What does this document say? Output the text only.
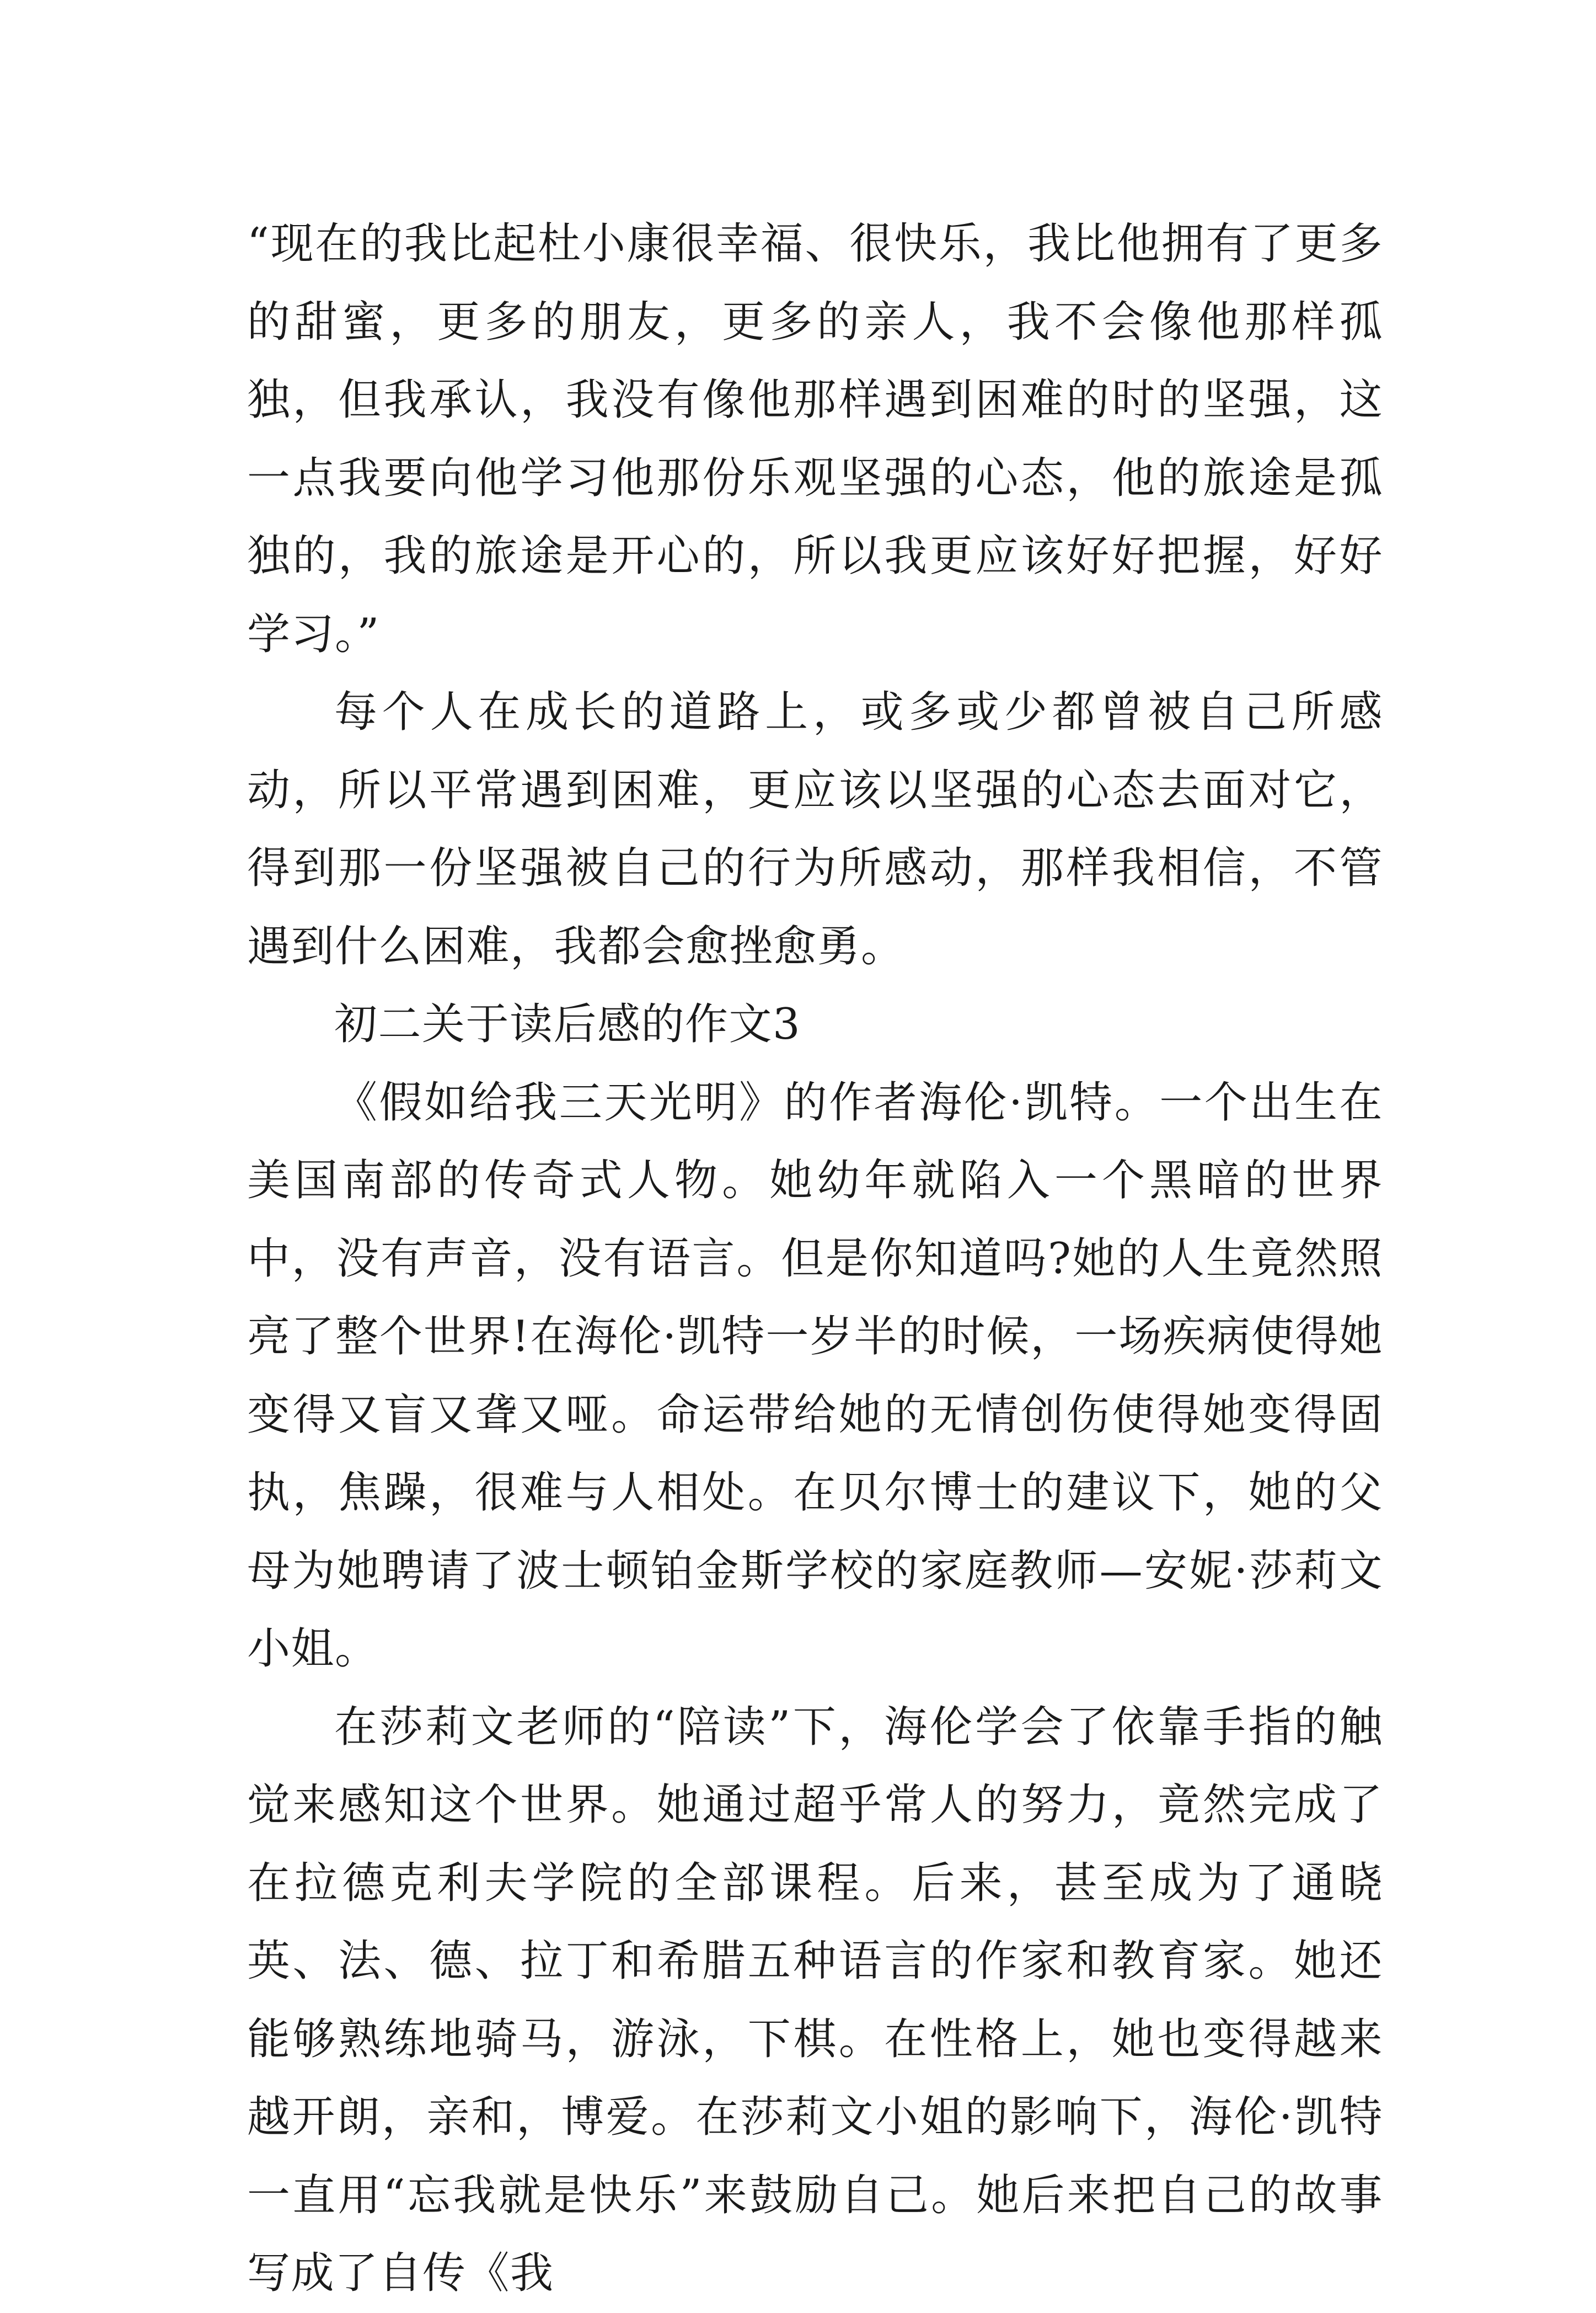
“现在的我比起杜小康很幸福、很快乐，我比他拥有了更多的甜蜜，更多的朋友，更多的亲人，我不会像他那样孤独，但我承认，我没有像他那样遇到困难的时的坚强，这一点我要向他学习他那份乐观坚强的心态，他的旅途是孤独的，我的旅途是开心的，所以我更应该好好把握，好好学习。”

每个人在成长的道路上，或多或少都曾被自己所感动，所以平常遇到困难，更应该以坚强的心态去面对它，得到那一份坚强被自己的行为所感动，那样我相信，不管遇到什么困难，我都会愈挫愈勇。

初二关于读后感的作文3

《假如给我三天光明》的作者海伦·凯特。一个出生在美国南部的传奇式人物。她幼年就陷入一个黑暗的世界中，没有声音，没有语言。但是你知道吗?她的人生竟然照亮了整个世界!在海伦·凯特一岁半的时候，一场疾病使得她变得又盲又聋又哑。命运带给她的无情创伤使得她变得固执，焦躁，很难与人相处。在贝尔博士的建议下，她的父母为她聘请了波士顿铂金斯学校的家庭教师—安妮·莎莉文小姐。

在莎莉文老师的“陪读”下，海伦学会了依靠手指的触觉来感知这个世界。她通过超乎常人的努力，竟然完成了在拉德克利夫学院的全部课程。后来，甚至成为了通晓英、法、德、拉丁和希腊五种语言的作家和教育家。她还能够熟练地骑马，游泳，下棋。在性格上，她也变得越来越开朗，亲和，博爱。在莎莉文小姐的影响下，海伦·凯特一直用“忘我就是快乐”来鼓励自己。她后来把自己的故事写成了自传《我
